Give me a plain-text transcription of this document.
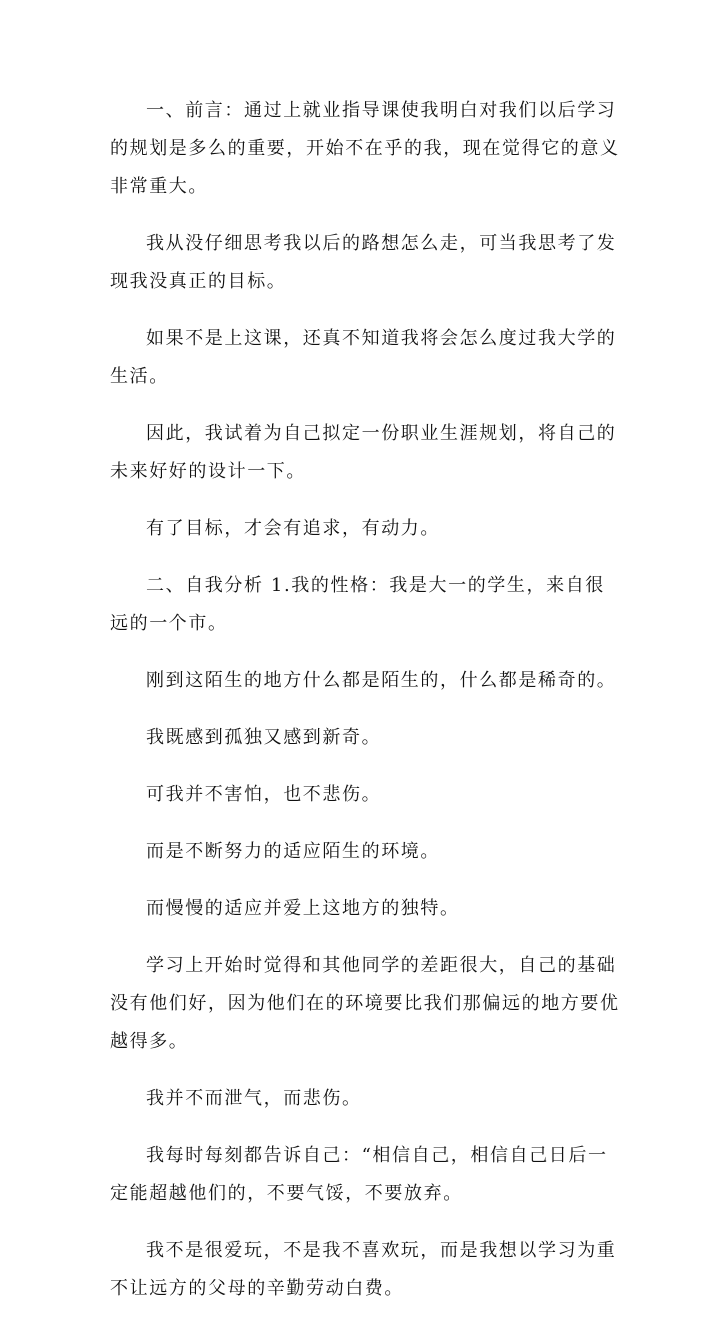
一、前言：通过上就业指导课使我明白对我们以后学习的规划是多么的重要，开始不在乎的我，现在觉得它的意义非常重大。

我从没仔细思考我以后的路想怎么走，可当我思考了发现我没真正的目标。

如果不是上这课，还真不知道我将会怎么度过我大学的生活。

因此，我试着为自己拟定一份职业生涯规划，将自己的未来好好的设计一下。

有了目标，才会有追求，有动力。

二、自我分析 1.我的性格：我是大一的学生，来自很远的一个市。

刚到这陌生的地方什么都是陌生的，什么都是稀奇的。

我既感到孤独又感到新奇。

可我并不害怕，也不悲伤。

而是不断努力的适应陌生的环境。

而慢慢的适应并爱上这地方的独特。

学习上开始时觉得和其他同学的差距很大，自己的基础没有他们好，因为他们在的环境要比我们那偏远的地方要优越得多。

我并不而泄气，而悲伤。

我每时每刻都告诉自己：“相信自己，相信自己日后一定能超越他们的，不要气馁，不要放弃。

我不是很爱玩，不是我不喜欢玩，而是我想以学习为重不让远方的父母的辛勤劳动白费。
